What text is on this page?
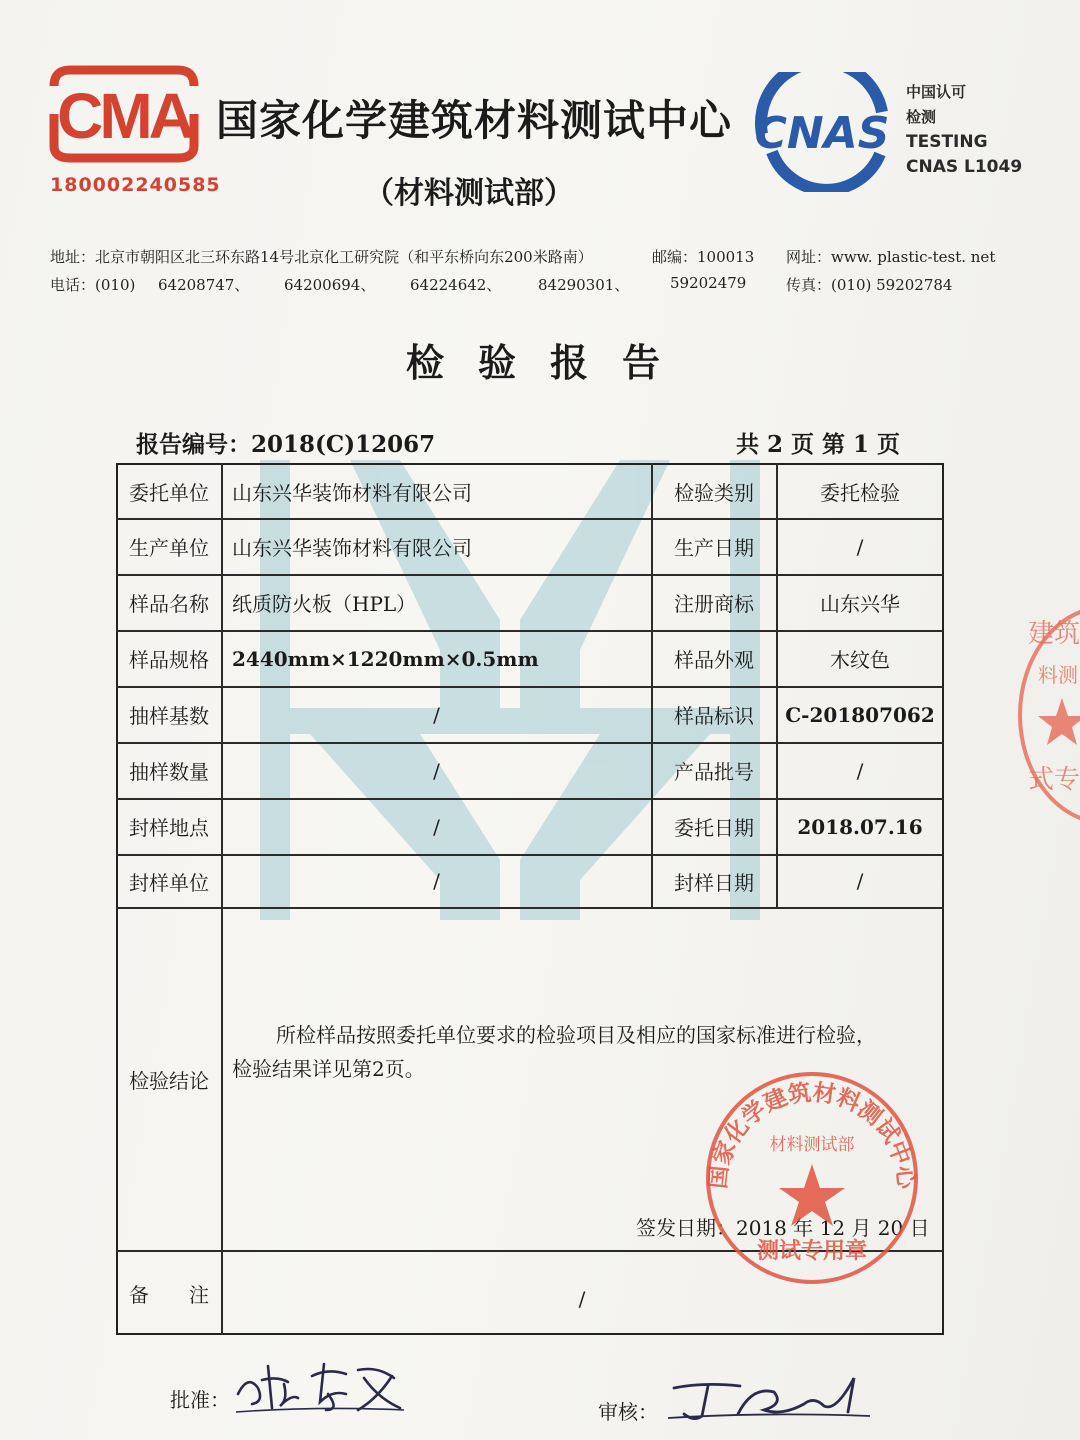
CMA
180002240585
国家化学建筑材料测试中心
（材料测试部）
CNAS
中国认可
检测
TESTING
CNAS L1049
地址：北京市朝阳区北三环东路14号北京化工研究院（和平东桥向东200米路南）	邮编：100013 网址：www. plastic-test. net
电话：(010) 64208747、 64200694、 64224642、 84290301、	59202479	传真：(010) 59202784
检验报告
报告编号：2018(C)12067	共 2 页 第 1 页
委托单位	山东兴华装饰材料有限公司	检验类别	委托检验
生产单位	山东兴华装饰材料有限公司	生产日期	/
样品名称	纸质防火板（HPL）	注册商标	山东兴华
样品规格	2440mm×1220mm×0.5mm	样品外观	木纹色
抽样基数	/	样品标识	C-201807062
抽样数量	/	产品批号	/
封样地点	/	委托日期	2018.07.16
封样单位	/	封样日期	/
检验结论
所检样品按照委托单位要求的检验项目及相应的国家标准进行检验，
检验结果详见第2页。
签发日期：2018 年 12 月 20 日
备　　注	/
国家化学建筑材料测试中心
材料测试部
测试专用章
建筑
料测
式专
批准：	审核：
